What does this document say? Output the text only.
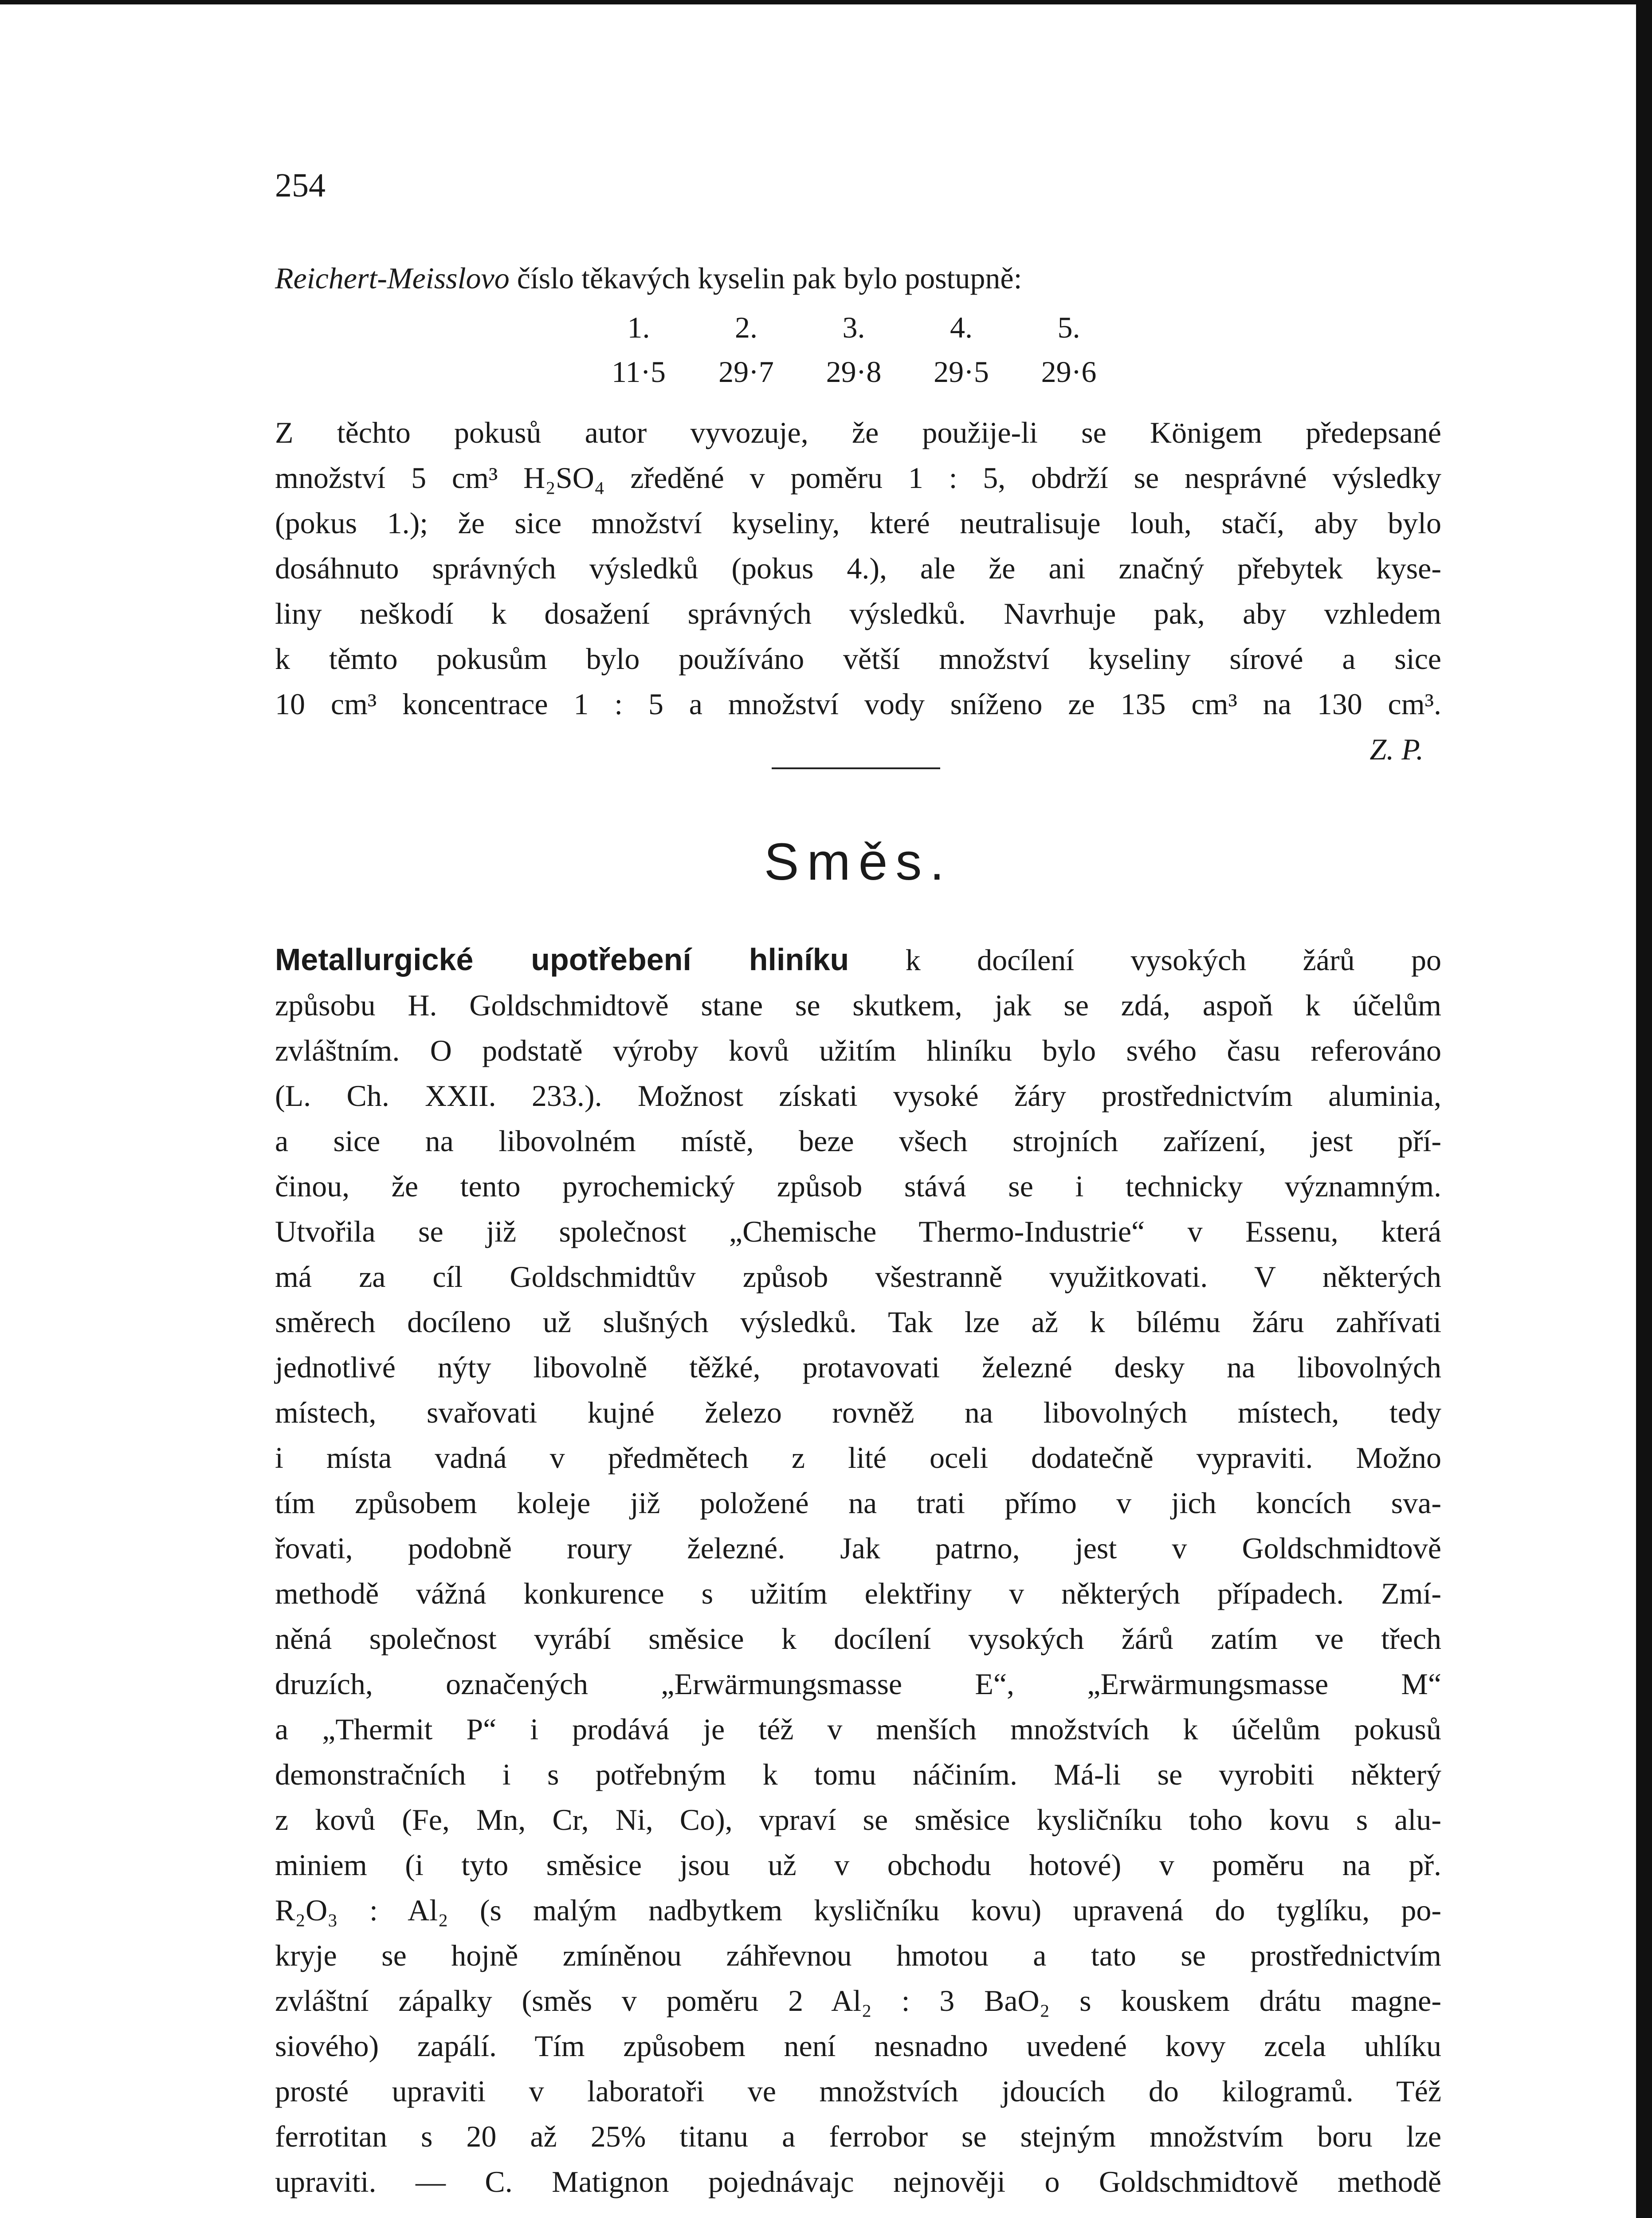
254
Reichert-Meisslovo číslo těkavých kyselin pak bylo postupně:
1.	2.	3.	4.	5.
11·5	29·7	29·8	29·5	29·6
Z těchto pokusů autor vyvozuje, že použije-li se Königem předepsané
množství 5 cm³ H₂SO₄ zředěné v poměru 1 : 5, obdrží se nesprávné výsledky
(pokus 1.); že sice množství kyseliny, které neutralisuje louh, stačí, aby bylo
dosáhnuto správných výsledků (pokus 4.), ale že ani značný přebytek kyse-
liny neškodí k dosažení správných výsledků. Navrhuje pak, aby vzhledem
k těmto pokusům bylo používáno větší množství kyseliny sírové a sice
10 cm³ koncentrace 1 : 5 a množství vody sníženo ze 135 cm³ na 130 cm³.
Z. P.
Směs.
Metallurgické upotřebení hliníku k docílení vysokých žárů po
způsobu H. Goldschmidtově stane se skutkem, jak se zdá, aspoň k účelům
zvláštním. O podstatě výroby kovů užitím hliníku bylo svého času referováno
(L. Ch. XXII. 233.). Možnost získati vysoké žáry prostřednictvím aluminia,
a sice na libovolném místě, beze všech strojních zařízení, jest pří-
činou, že tento pyrochemický způsob stává se i technicky významným.
Utvořila se již společnost „Chemische Thermo-Industrie“ v Essenu, která
má za cíl Goldschmidtův způsob všestranně využitkovati. V některých
směrech docíleno už slušných výsledků. Tak lze až k bílému žáru zahřívati
jednotlivé nýty libovolně těžké, protavovati železné desky na libovolných
místech, svařovati kujné železo rovněž na libovolných místech, tedy
i místa vadná v předmětech z lité oceli dodatečně vypraviti. Možno
tím způsobem koleje již položené na trati přímo v jich koncích sva-
řovati, podobně roury železné. Jak patrno, jest v Goldschmidtově
methodě vážná konkurence s užitím elektřiny v některých případech. Zmí-
něná společnost vyrábí směsice k docílení vysokých žárů zatím ve třech
druzích, označených „Erwärmungsmasse E“, „Erwärmungsmasse M“
a „Thermit P“ i prodává je též v menších množstvích k účelům pokusů
demonstračních i s potřebným k tomu náčiním. Má-li se vyrobiti některý
z kovů (Fe, Mn, Cr, Ni, Co), vpraví se směsice kysličníku toho kovu s alu-
miniem (i tyto směsice jsou už v obchodu hotové) v poměru na př.
R₂O₃ : Al₂ (s malým nadbytkem kysličníku kovu) upravená do tyglíku, po-
kryje se hojně zmíněnou záhřevnou hmotou a tato se prostřednictvím
zvláštní zápalky (směs v poměru 2 Al₂ : 3 BaO₂ s kouskem drátu magne-
siového) zapálí. Tím způsobem není nesnadno uvedené kovy zcela uhlíku
prosté upraviti v laboratoři ve množstvích jdoucích do kilogramů. Též
ferrotitan s 20 až 25% titanu a ferrobor se stejným množstvím boru lze
upraviti. — C. Matignon pojednávajc nejnověji o Goldschmidtově methodě
